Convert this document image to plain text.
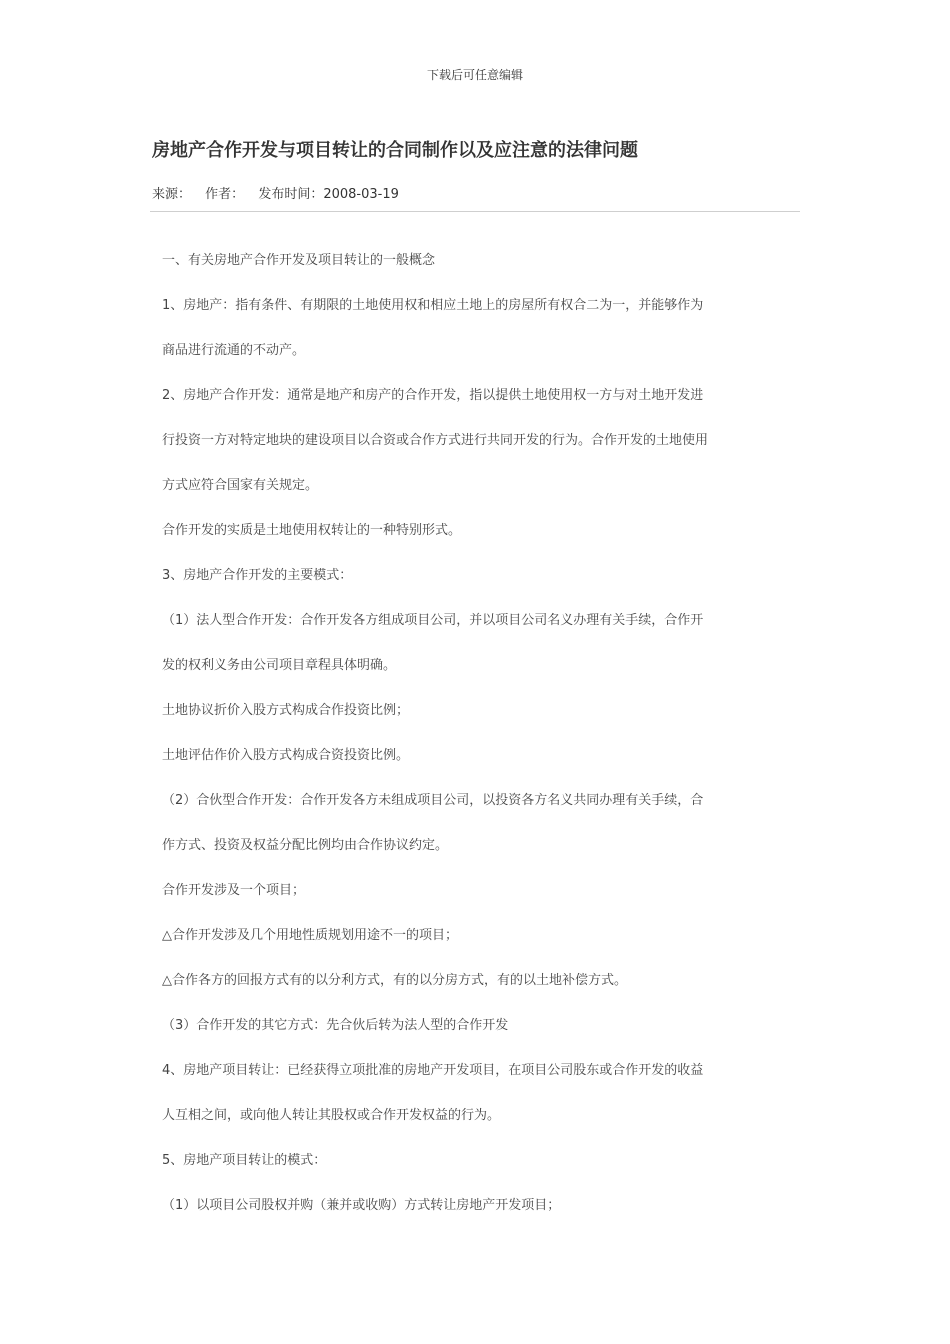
下载后可任意编辑
房地产合作开发与项目转让的合同制作以及应注意的法律问题
来源： 作者： 发布时间：2008-03-19

一、有关房地产合作开发及项目转让的一般概念

1、房地产：指有条件、有期限的土地使用权和相应土地上的房屋所有权合二为一，并能够作为

商品进行流通的不动产。

2、房地产合作开发：通常是地产和房产的合作开发，指以提供土地使用权一方与对土地开发进

行投资一方对特定地块的建设项目以合资或合作方式进行共同开发的行为。合作开发的土地使用

方式应符合国家有关规定。

合作开发的实质是土地使用权转让的一种特别形式。

3、房地产合作开发的主要模式：

（1）法人型合作开发：合作开发各方组成项目公司，并以项目公司名义办理有关手续，合作开

发的权利义务由公司项目章程具体明确。

土地协议折价入股方式构成合作投资比例；

土地评估作价入股方式构成合资投资比例。

（2）合伙型合作开发：合作开发各方未组成项目公司，以投资各方名义共同办理有关手续，合

作方式、投资及权益分配比例均由合作协议约定。

合作开发涉及一个项目；

△合作开发涉及几个用地性质规划用途不一的项目；

△合作各方的回报方式有的以分利方式，有的以分房方式，有的以土地补偿方式。

（3）合作开发的其它方式：先合伙后转为法人型的合作开发

4、房地产项目转让：已经获得立项批准的房地产开发项目，在项目公司股东或合作开发的收益

人互相之间，或向他人转让其股权或合作开发权益的行为。

5、房地产项目转让的模式：

（1）以项目公司股权并购（兼并或收购）方式转让房地产开发项目；
